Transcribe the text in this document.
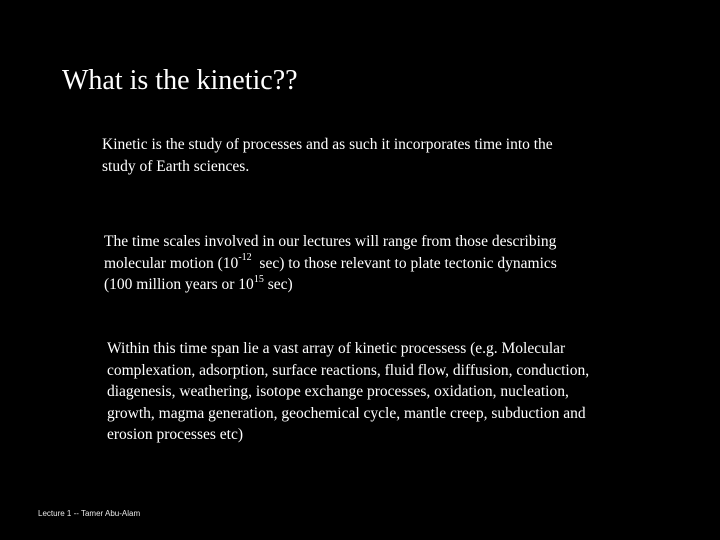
What is the kinetic??
Kinetic is the study of processes and as such it incorporates time into the
study of Earth sciences.
The time scales involved in our lectures will range from those describing
molecular motion ($10^{-12}$  sec) to those relevant to plate tectonic dynamics
(100 million years or $10^{15}$ sec)
Within this time span lie a vast array of kinetic processess (e.g. Molecular
complexation, adsorption, surface reactions, fluid flow, diffusion, conduction,
diagenesis, weathering, isotope exchange processes, oxidation, nucleation,
growth, magma generation, geochemical cycle, mantle creep, subduction and
erosion processes etc)
Lecture 1 -- Tamer Abu-Alam
